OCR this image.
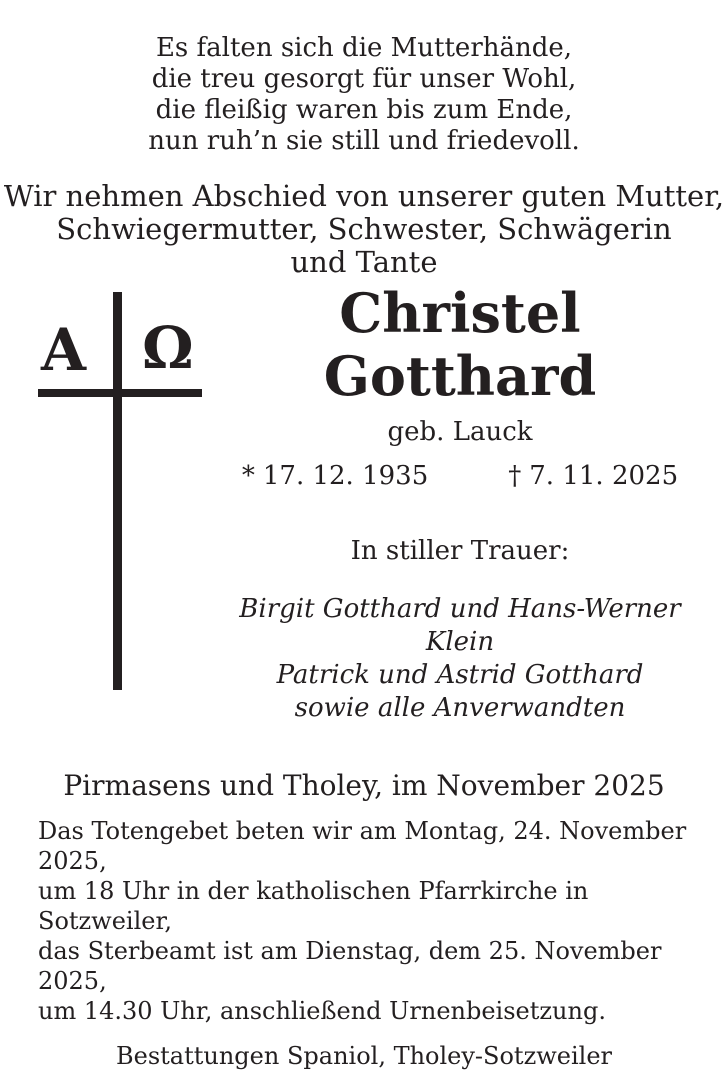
Es falten sich die Mutterhände,
die treu gesorgt für unser Wohl,
die fleißig waren bis zum Ende,
nun ruh’n sie still und friedevoll.
Wir nehmen Abschied von unserer guten Mutter,
Schwiegermutter, Schwester, Schwägerin
und Tante
A Ω
Christel
Gotthard
geb. Lauck
* 17. 12. 1935	† 7. 11. 2025
In stiller Trauer:
Birgit Gotthard und Hans-Werner Klein
Patrick und Astrid Gotthard
sowie alle Anverwandten
Pirmasens und Tholey, im November 2025
Das Totengebet beten wir am Montag, 24. November 2025,
um 18 Uhr in der katholischen Pfarrkirche in Sotzweiler,
das Sterbeamt ist am Dienstag, dem 25. November 2025,
um 14.30 Uhr, anschließend Urnenbeisetzung.
Bestattungen Spaniol, Tholey-Sotzweiler
